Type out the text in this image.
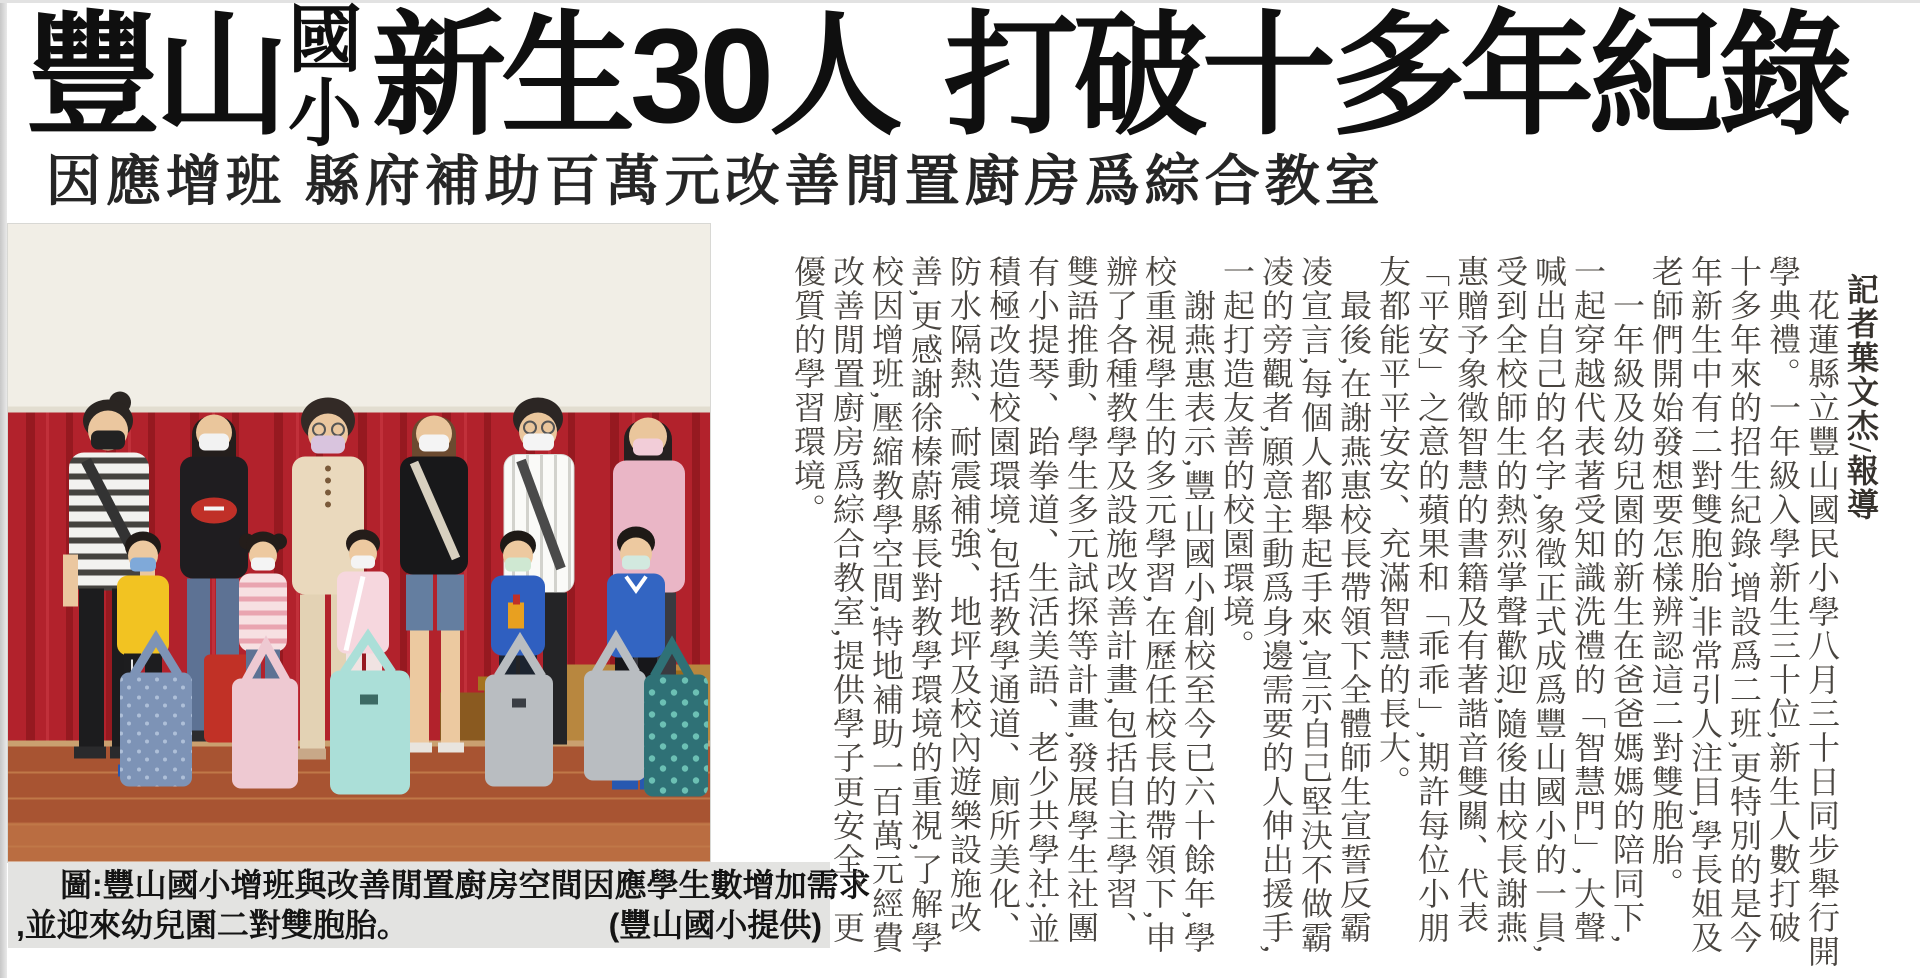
豐山 國
小 新生30人 打破十多年紀錄
因應增班 縣府補助百萬元改善閒置廚房爲綜合教室
圖:豐山國小增班與改善閒置廚房空間因應學生數增加需求
,並迎來幼兒園二對雙胞胎。	(豐山國小提供)

記者葉文杰/報導

花蓮縣立豐山國民小學八月三十日同步舉行開學典禮。一年級入學新生三十位,新生人數打破十多年來的招生紀錄,增設爲二班,更特別的是今年新生中有二對雙胞胎,非常引人注目,學長姐及老師們開始發想要怎樣辨認這二對雙胞胎。

一年級及幼兒園的新生在爸爸媽媽的陪同下,一起穿越代表著受知識洗禮的「智慧門」,大聲喊出自己的名字,象徵正式成爲豐山國小的一員,受到全校師生的熱烈掌聲歡迎,隨後由校長謝燕惠贈予象徵智慧的書籍及有著諧音雙關、代表「平安」之意的蘋果和「乖乖」,期許每位小朋友都能平平安安、充滿智慧的長大。

最後,在謝燕惠校長帶領下全體師生宣誓反霸凌宣言,每個人都舉起手來,宣示自己堅決不做霸凌的旁觀者,願意主動爲身邊需要的人伸出援手,一起打造友善的校園環境。

謝燕惠表示,豐山國小創校至今已六十餘年,學校重視學生的多元學習,在歷任校長的帶領下,申辦了各種教學及設施改善計畫,包括自主學習、雙語推動、學生多元試探等計畫,發展學生社團有小提琴、跆拳道、生活美語、老少共學社;並積極改造校園環境,包括教學通道、廁所美化、防水隔熱、耐震補強、地坪及校內遊樂設施改善,更感謝徐榛蔚縣長對教學環境的重視,了解學校因增班,壓縮教學空間,特地補助一百萬元經費改善閒置廚房爲綜合教室,提供學子更安全、更優質的學習環境。
